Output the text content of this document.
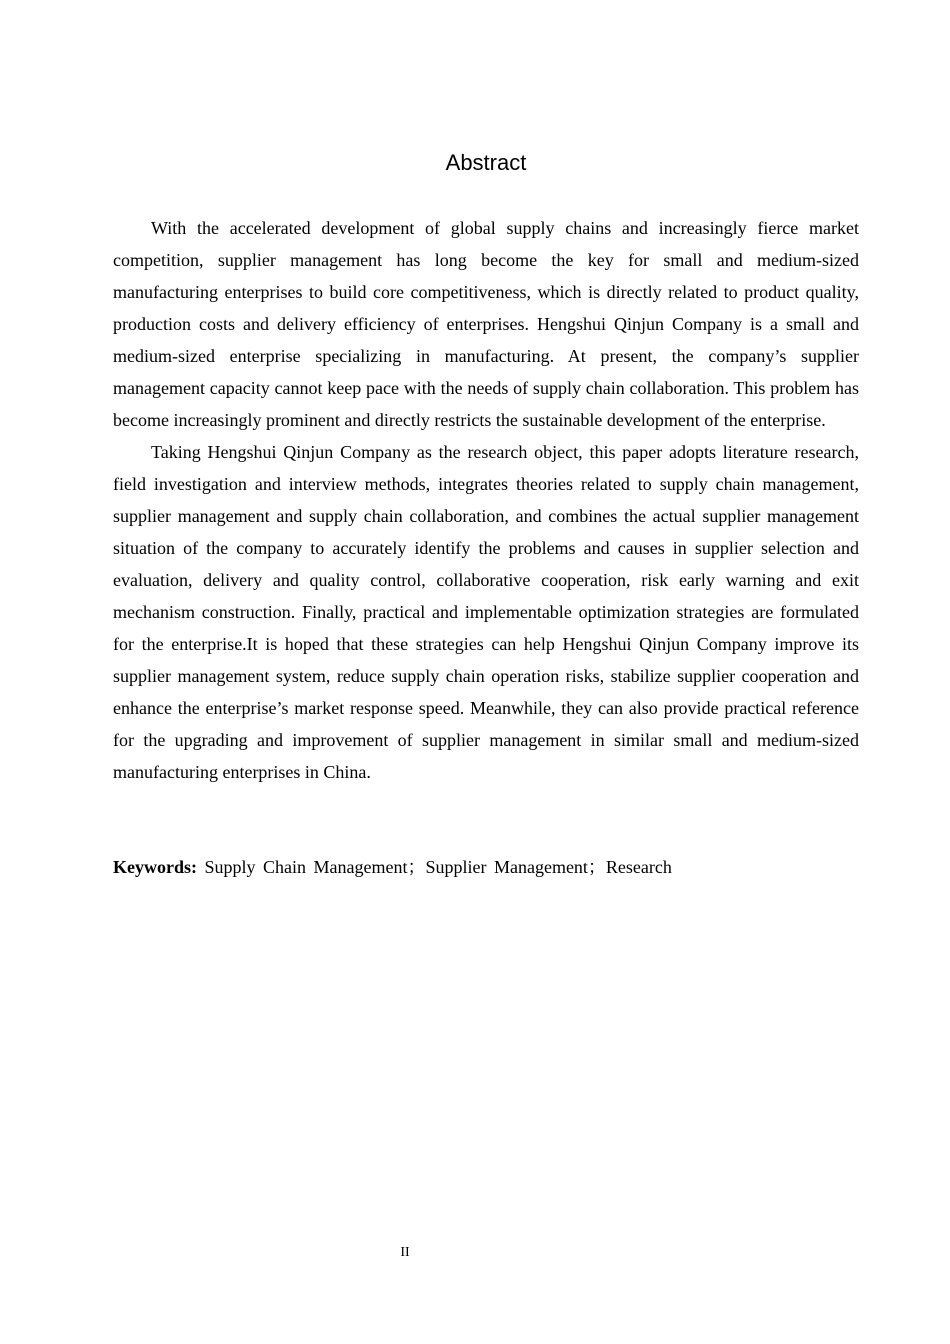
Abstract

With the accelerated development of global supply chains and increasingly fierce market competition, supplier management has long become the key for small and medium-sized manufacturing enterprises to build core competitiveness, which is directly related to product quality, production costs and delivery efficiency of enterprises. Hengshui Qinjun Company is a small and medium-sized enterprise specializing in manufacturing. At present, the company’s supplier management capacity cannot keep pace with the needs of supply chain collaboration. This problem has become increasingly prominent and directly restricts the sustainable development of the enterprise.

Taking Hengshui Qinjun Company as the research object, this paper adopts literature research, field investigation and interview methods, integrates theories related to supply chain management, supplier management and supply chain collaboration, and combines the actual supplier management situation of the company to accurately identify the problems and causes in supplier selection and evaluation, delivery and quality control, collaborative cooperation, risk early warning and exit mechanism construction. Finally, practical and implementable optimization strategies are formulated for the enterprise.It is hoped that these strategies can help Hengshui Qinjun Company improve its supplier management system, reduce supply chain operation risks, stabilize supplier cooperation and enhance the enterprise’s market response speed. Meanwhile, they can also provide practical reference for the upgrading and improvement of supplier management in similar small and medium-sized manufacturing enterprises in China.

Keywords: Supply Chain Management；Supplier Management；Research
II
